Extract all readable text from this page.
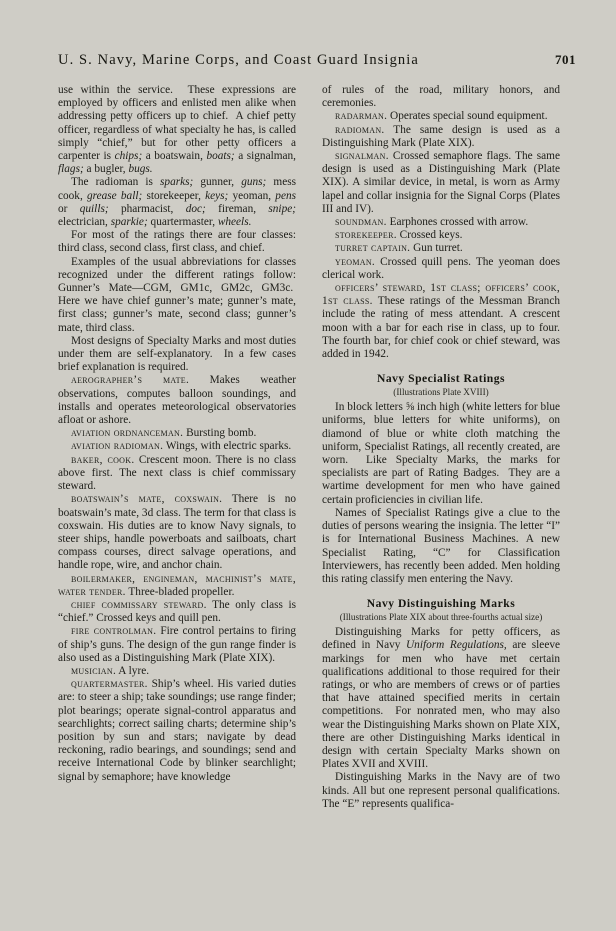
U. S. Navy, Marine Corps, and Coast Guard Insignia	701

use within the service.  These expressions are employed by officers and enlisted men alike when addressing petty officers up to chief.  A chief petty officer, regardless of what specialty he has, is called simply “chief,” but for other petty officers a carpenter is chips; a boatswain, boats; a signalman, flags; a bugler, bugs.

The radioman is sparks; gunner, guns; mess cook, grease ball; storekeeper, keys; yeoman, pens or quills; pharmacist, doc; fireman, snipe; electrician, sparkie; quartermaster, wheels.

For most of the ratings there are four classes: third class, second class, first class, and chief.

Examples of the usual abbreviations for classes recognized under the different ratings follow: Gunner’s Mate—CGM, GM1c, GM2c, GM3c.  Here we have chief gunner’s mate; gunner’s mate, first class; gunner’s mate, second class; gunner’s mate, third class.

Most designs of Specialty Marks and most duties under them are self-explanatory.  In a few cases brief explanation is required.

aerographer’s mate. Makes weather observations, computes balloon soundings, and installs and operates meteorological observatories afloat or ashore.

aviation ordnanceman. Bursting bomb.

aviation radioman. Wings, with electric sparks.

baker, cook. Crescent moon. There is no class above first. The next class is chief commissary steward.

boatswain’s mate, coxswain. There is no boatswain’s mate, 3d class. The term for that class is coxswain. His duties are to know Navy signals, to steer ships, handle powerboats and sailboats, chart compass courses, direct salvage operations, and handle rope, wire, and anchor chain.

boilermaker, engineman, machinist’s mate, water tender. Three-bladed propeller.

chief commissary steward. The only class is “chief.” Crossed keys and quill pen.

fire controlman. Fire control pertains to firing of ship’s guns. The design of the gun range finder is also used as a Distinguishing Mark (Plate XIX).

musician. A lyre.

quartermaster. Ship’s wheel. His varied duties are: to steer a ship; take soundings; use range finder; plot bearings; operate signal-control apparatus and searchlights; correct sailing charts; determine ship’s position by sun and stars; navigate by dead reckoning, radio bearings, and soundings; send and receive International Code by blinker searchlight; signal by semaphore; have knowledge

of rules of the road, military honors, and ceremonies.

radarman. Operates special sound equipment.

radioman. The same design is used as a Distinguishing Mark (Plate XIX).

signalman. Crossed semaphore flags. The same design is used as a Distinguishing Mark (Plate XIX). A similar device, in metal, is worn as Army lapel and collar insignia for the Signal Corps (Plates III and IV).

soundman. Earphones crossed with arrow.

storekeeper. Crossed keys.

turret captain. Gun turret.

yeoman. Crossed quill pens. The yeoman does clerical work.

officers’ steward, 1st class; officers’ cook, 1st class. These ratings of the Messman Branch include the rating of mess attendant. A crescent moon with a bar for each rise in class, up to four. The fourth bar, for chief cook or chief steward, was added in 1942.

Navy Specialist Ratings

(Illustrations Plate XVIII)

In block letters ⅝ inch high (white letters for blue uniforms, blue letters for white uniforms), on diamond of blue or white cloth matching the uniform, Specialist Ratings, all recently created, are worn.  Like Specialty Marks, the marks for specialists are part of Rating Badges.  They are a wartime development for men who have gained certain proficiencies in civilian life.

Names of Specialist Ratings give a clue to the duties of persons wearing the insignia. The letter “I” is for International Business Machines. A new Specialist Rating, “C” for Classification Interviewers, has recently been added. Men holding this rating classify men entering the Navy.

Navy Distinguishing Marks

(Illustrations Plate XIX about three-fourths actual size)

Distinguishing Marks for petty officers, as defined in Navy Uniform Regulations, are sleeve markings for men who have met certain qualifications additional to those required for their ratings, or who are members of crews or of parties that have attained specified merits in certain competitions.  For nonrated men, who may also wear the Distinguishing Marks shown on Plate XIX, there are other Distinguishing Marks identical in design with certain Specialty Marks shown on Plates XVII and XVIII.

Distinguishing Marks in the Navy are of two kinds. All but one represent personal qualifications. The “E” represents qualifica-
